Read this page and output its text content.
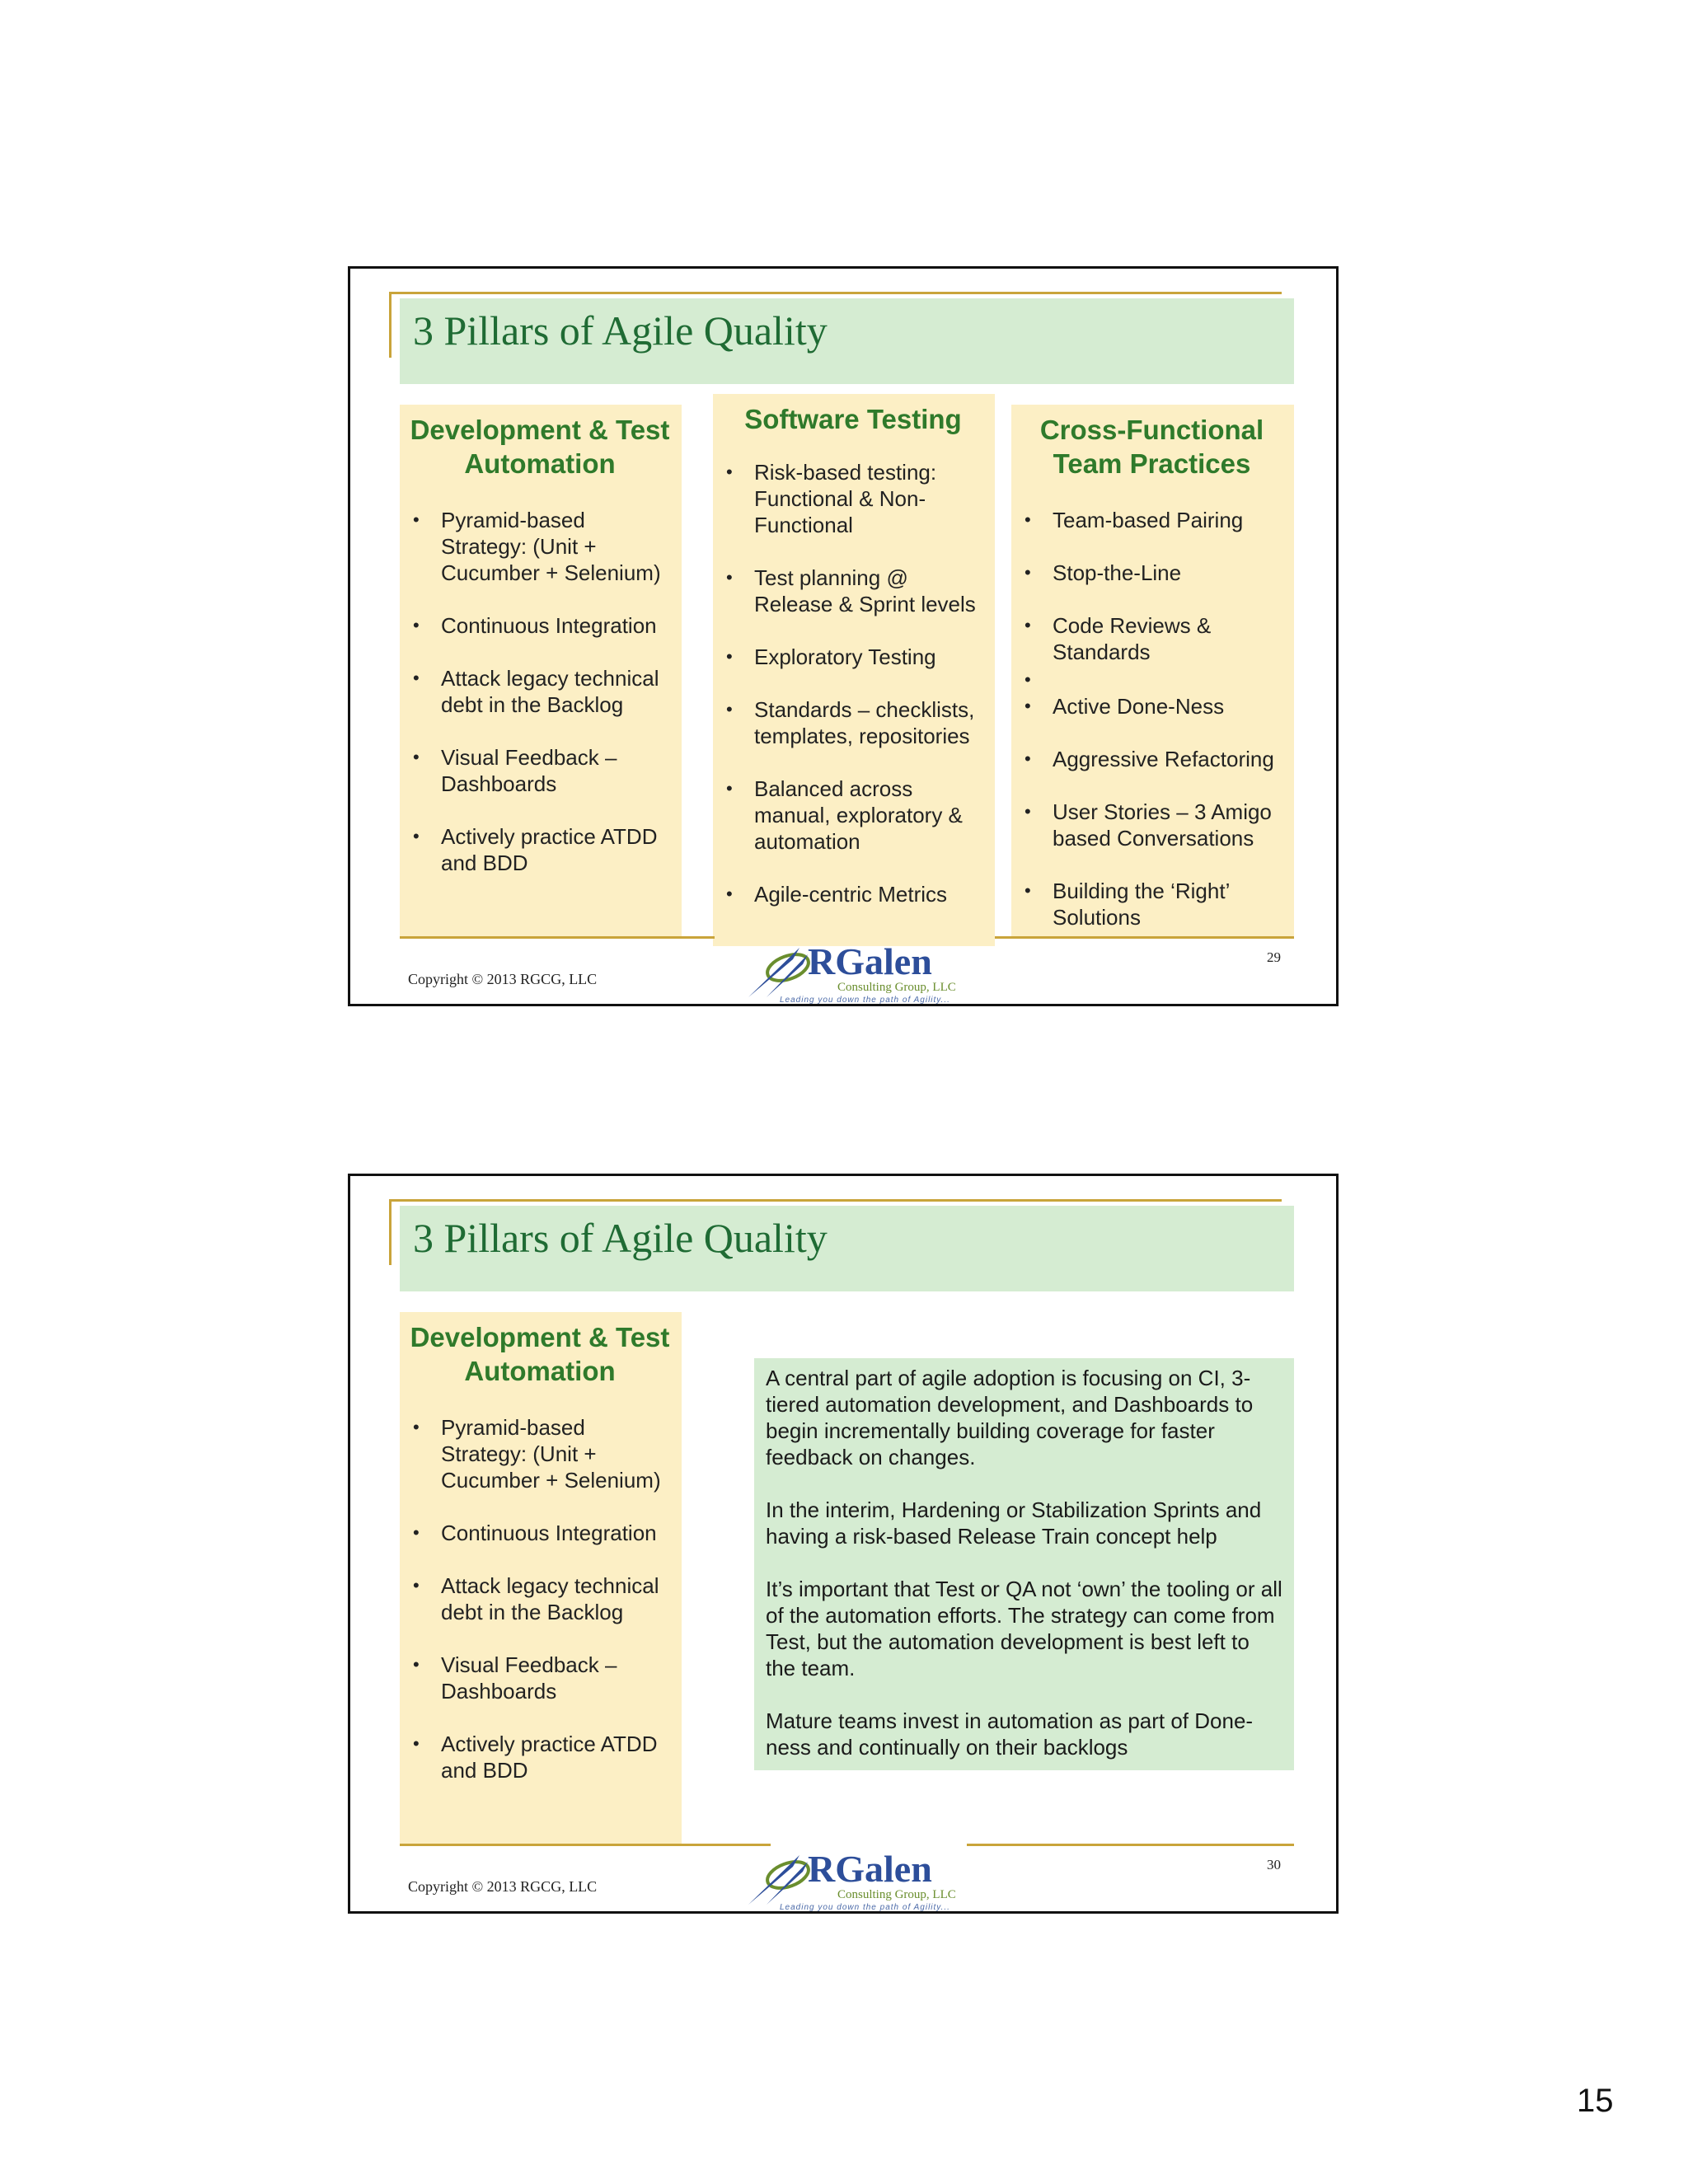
3 Pillars of Agile Quality
Development & Test Automation
• Pyramid-based Strategy: (Unit + Cucumber + Selenium)
• Continuous Integration
• Attack legacy technical debt in the Backlog
• Visual Feedback – Dashboards
• Actively practice ATDD and BDD
Software Testing
• Risk-based testing: Functional & Non-Functional
• Test planning @ Release & Sprint levels
• Exploratory Testing
• Standards – checklists, templates, repositories
• Balanced across manual, exploratory & automation
• Agile-centric Metrics
Cross-Functional Team Practices
• Team-based Pairing
• Stop-the-Line
• Code Reviews & Standards
•
• Active Done-Ness
• Aggressive Refactoring
• User Stories – 3 Amigo based Conversations
• Building the ‘Right’ Solutions
RGalen
Consulting Group, LLC
Leading you down the path of Agility...

Copyright © 2013 RGCG, LLC

29

3 Pillars of Agile Quality
Development & Test Automation
• Pyramid-based Strategy: (Unit + Cucumber + Selenium)
• Continuous Integration
• Attack legacy technical debt in the Backlog
• Visual Feedback – Dashboards
• Actively practice ATDD and BDD

A central part of agile adoption is focusing on CI, 3-tiered automation development, and Dashboards to begin incrementally building coverage for faster feedback on changes.

In the interim, Hardening or Stabilization Sprints and having a risk-based Release Train concept help

It’s important that Test or QA not ‘own’ the tooling or all of the automation efforts. The strategy can come from Test, but the automation development is best left to the team.

Mature teams invest in automation as part of Done-ness and continually on their backlogs

RGalen
Consulting Group, LLC
Leading you down the path of Agility...

Copyright © 2013 RGCG, LLC

30

15
